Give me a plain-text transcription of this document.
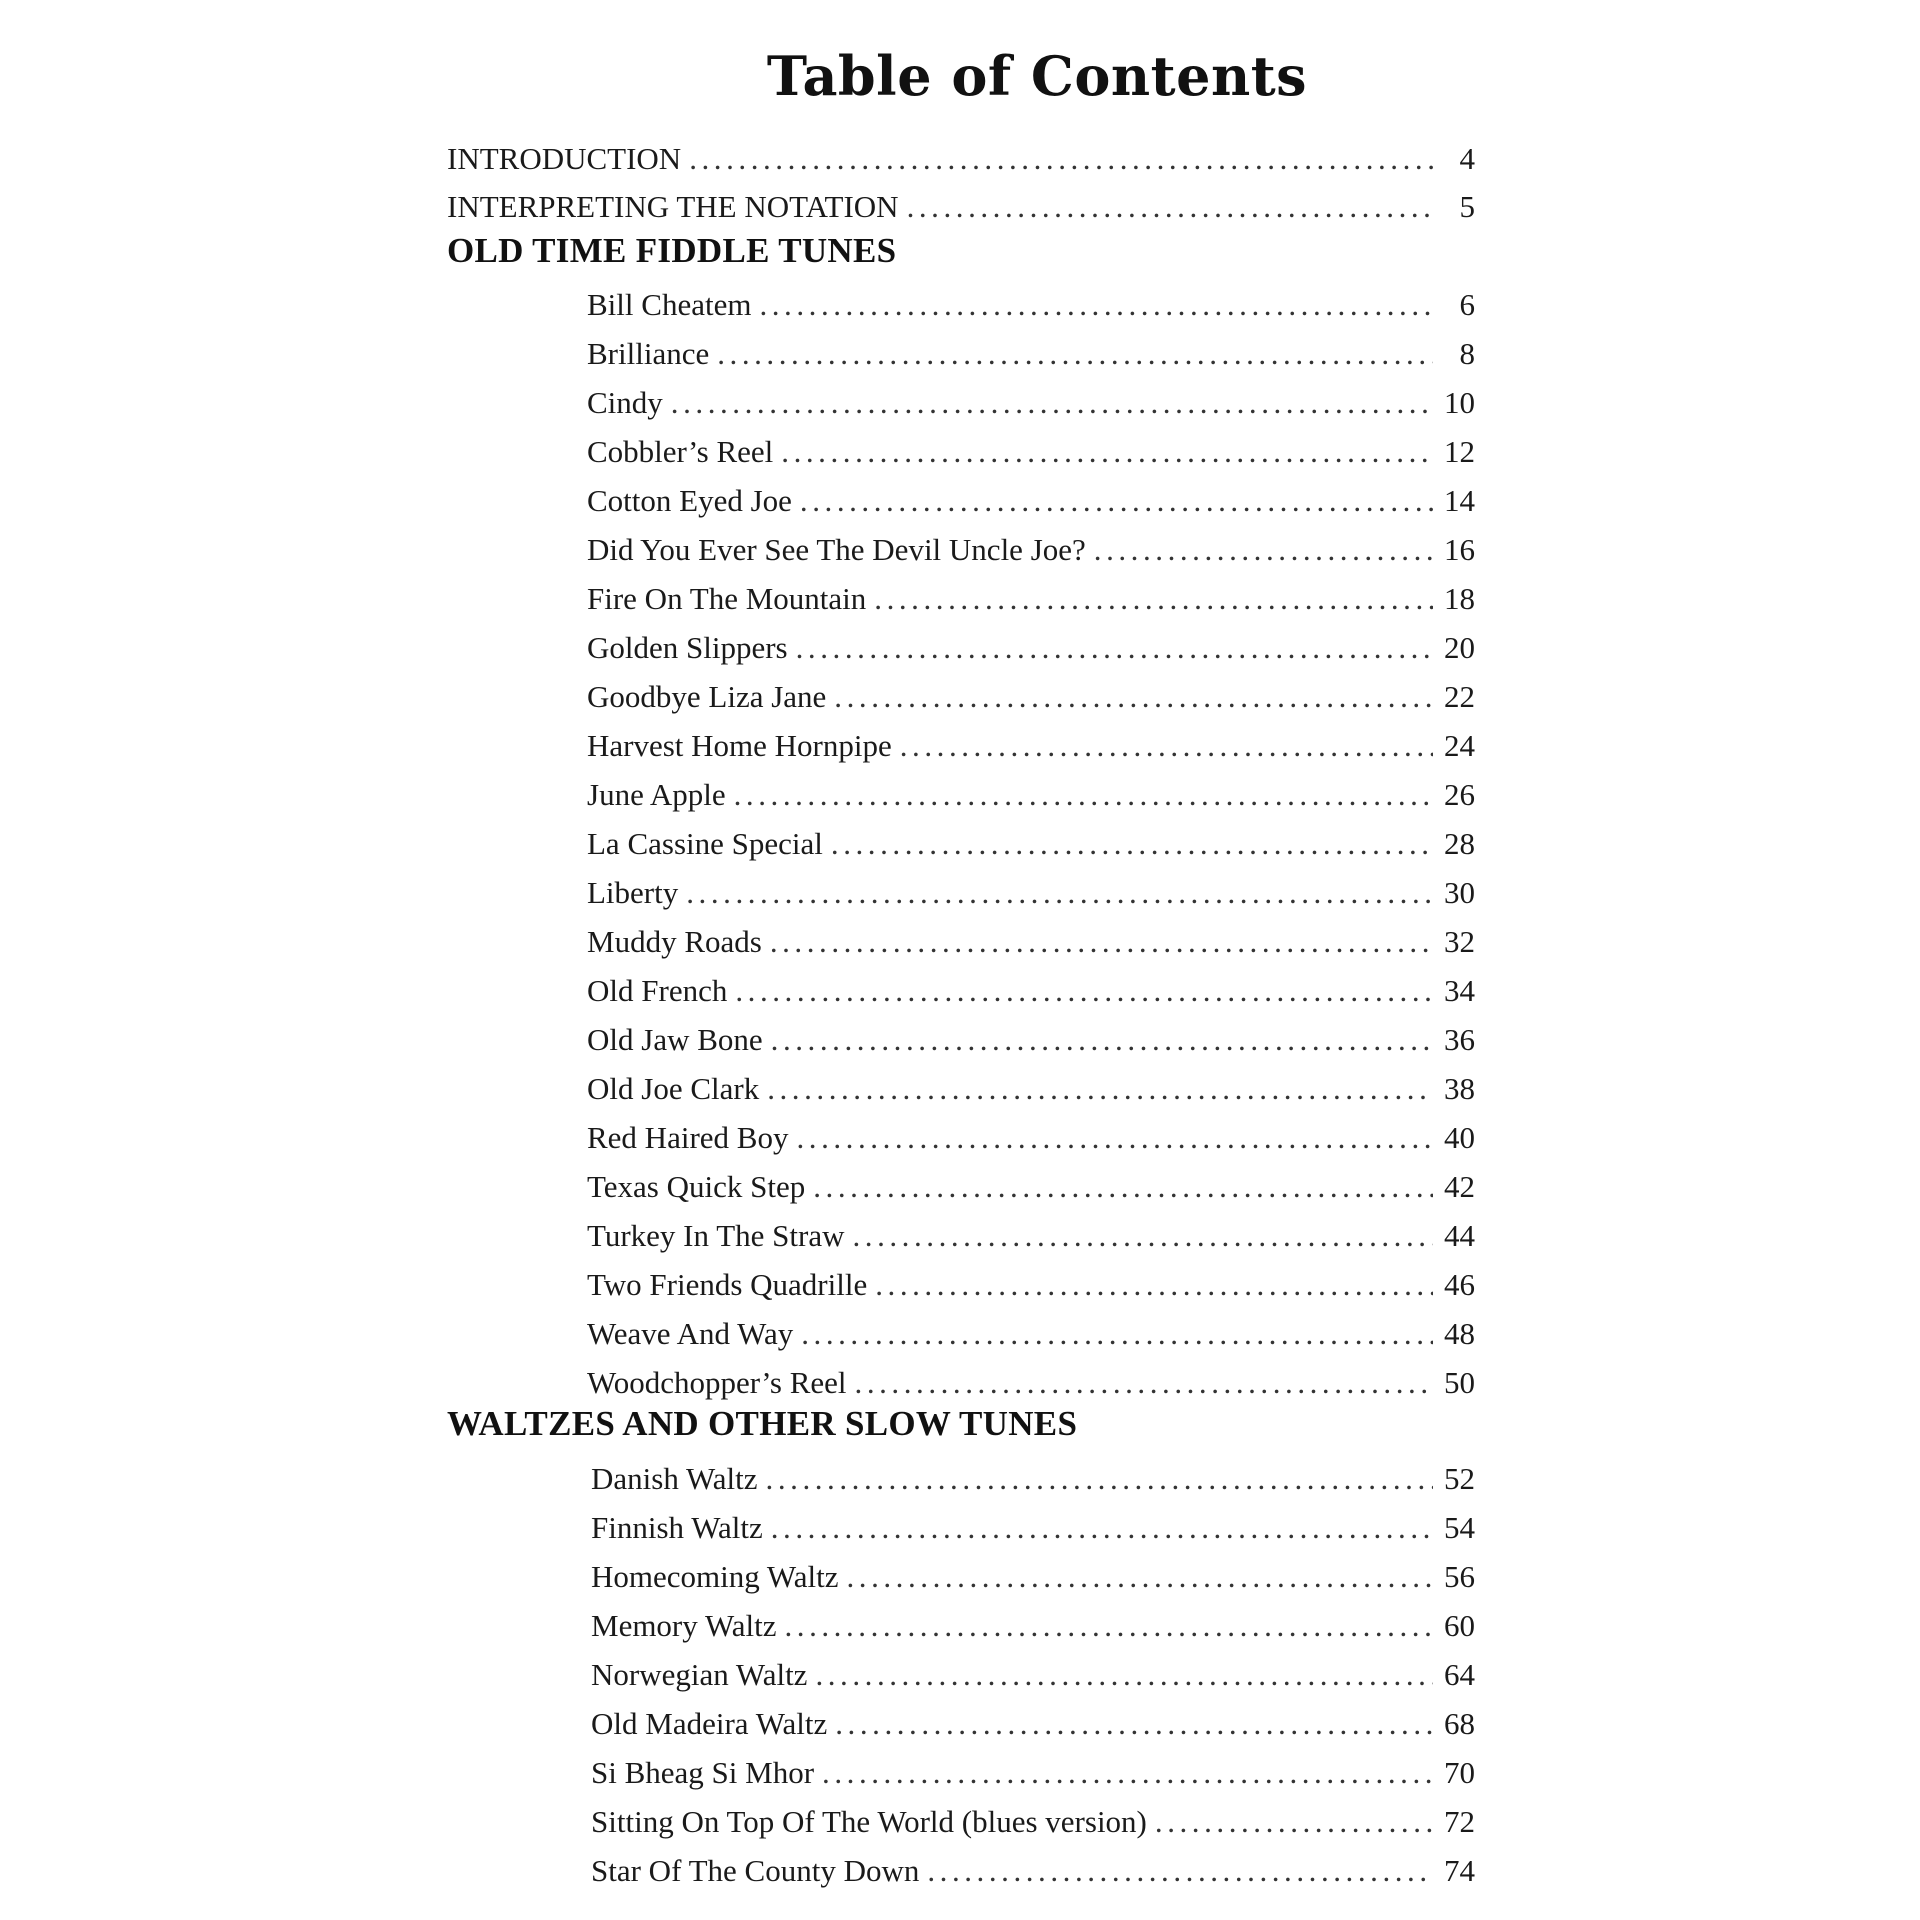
Table of Contents
INTRODUCTION . . .	4
INTERPRETING THE NOTATION . . .	5
OLD TIME FIDDLE TUNES
Bill Cheatem . . .	6
Brilliance . . .	8
Cindy . . .	10
Cobbler’s Reel . . .	12
Cotton Eyed Joe . . .	14
Did You Ever See The Devil Uncle Joe? . . .	16
Fire On The Mountain . . .	18
Golden Slippers . . .	20
Goodbye Liza Jane . . .	22
Harvest Home Hornpipe . . .	24
June Apple . . .	26
La Cassine Special . . .	28
Liberty . . .	30
Muddy Roads . . .	32
Old French . . .	34
Old Jaw Bone . . .	36
Old Joe Clark . . .	38
Red Haired Boy . . .	40
Texas Quick Step . . .	42
Turkey In The Straw . . .	44
Two Friends Quadrille . . .	46
Weave And Way . . .	48
Woodchopper’s Reel . . .	50
WALTZES AND OTHER SLOW TUNES
Danish Waltz . . .	52
Finnish Waltz . . .	54
Homecoming Waltz . . .	56
Memory Waltz . . .	60
Norwegian Waltz . . .	64
Old Madeira Waltz . . .	68
Si Bheag Si Mhor . . .	70
Sitting On Top Of The World (blues version) . . .	72
Star Of The County Down . . .	74
